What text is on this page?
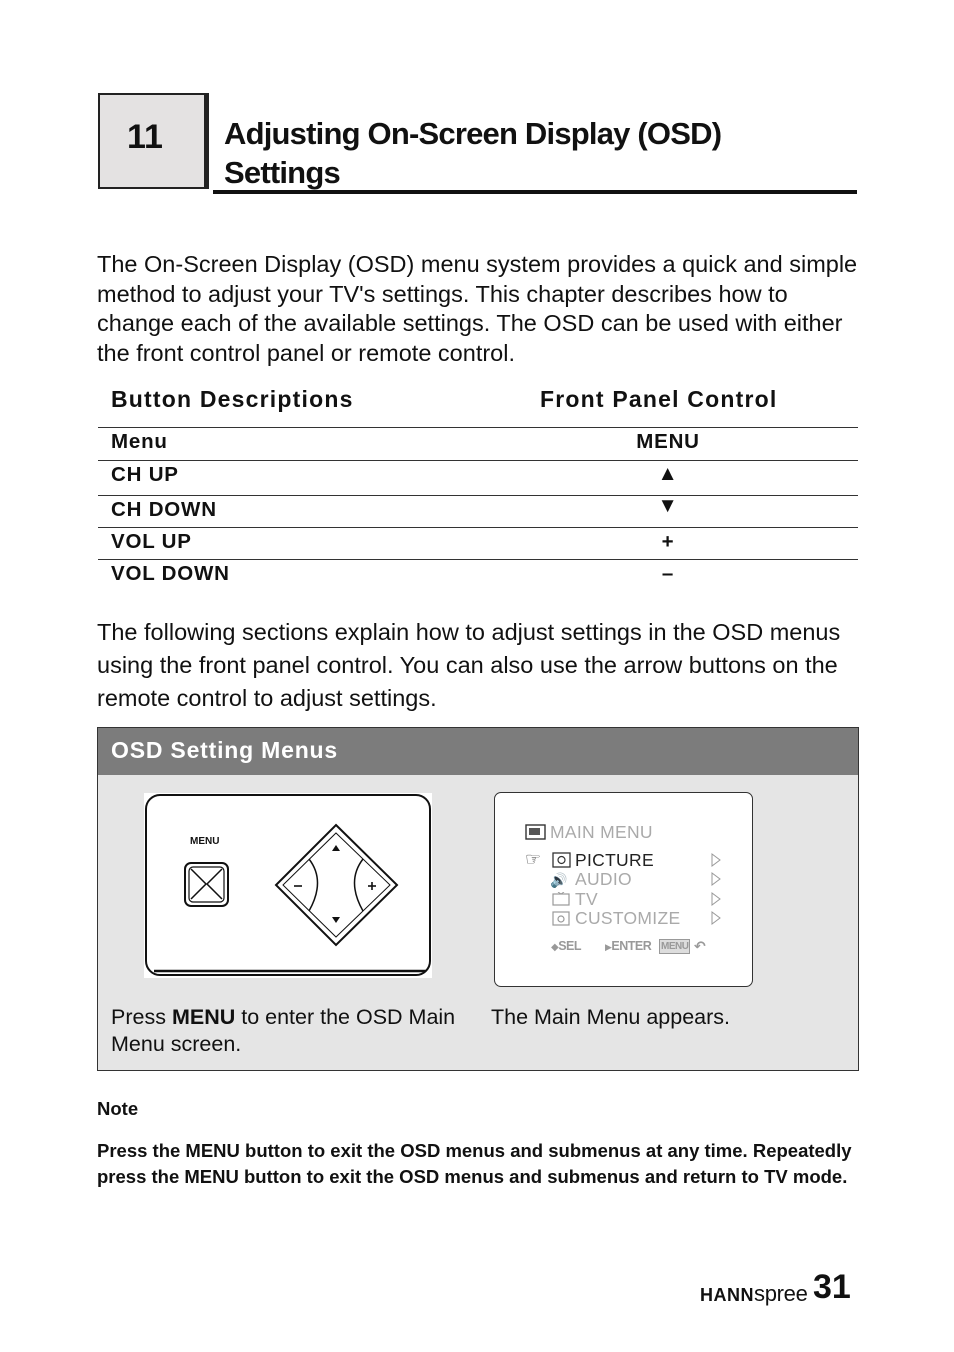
11	Adjusting On-Screen Display (OSD)
Settings
The On-Screen Display (OSD) menu system provides a quick and simple method to adjust your TV's settings. This chapter describes how to change each of the available settings. The OSD can be used with either the front control panel or remote control.
Button Descriptions	Front Panel Control
Menu	MENU
CH UP	▲
CH DOWN	▼
VOL UP	+
VOL DOWN	–
The following sections explain how to adjust settings in the OSD menus using the front panel control. You can also use the arrow buttons on the remote control to adjust settings.
OSD Setting Menus
MENU	MAIN MENU
☞ PICTURE
🔊 AUDIO
TV
CUSTOMIZE
◆SEL	▶ENTER MENU ↶
Press MENU to enter the OSD Main Menu screen.
The Main Menu appears.
Note
Press the MENU button to exit the OSD menus and submenus at any time. Repeatedly press the MENU button to exit the OSD menus and submenus and return to TV mode.
HANNspree 31
